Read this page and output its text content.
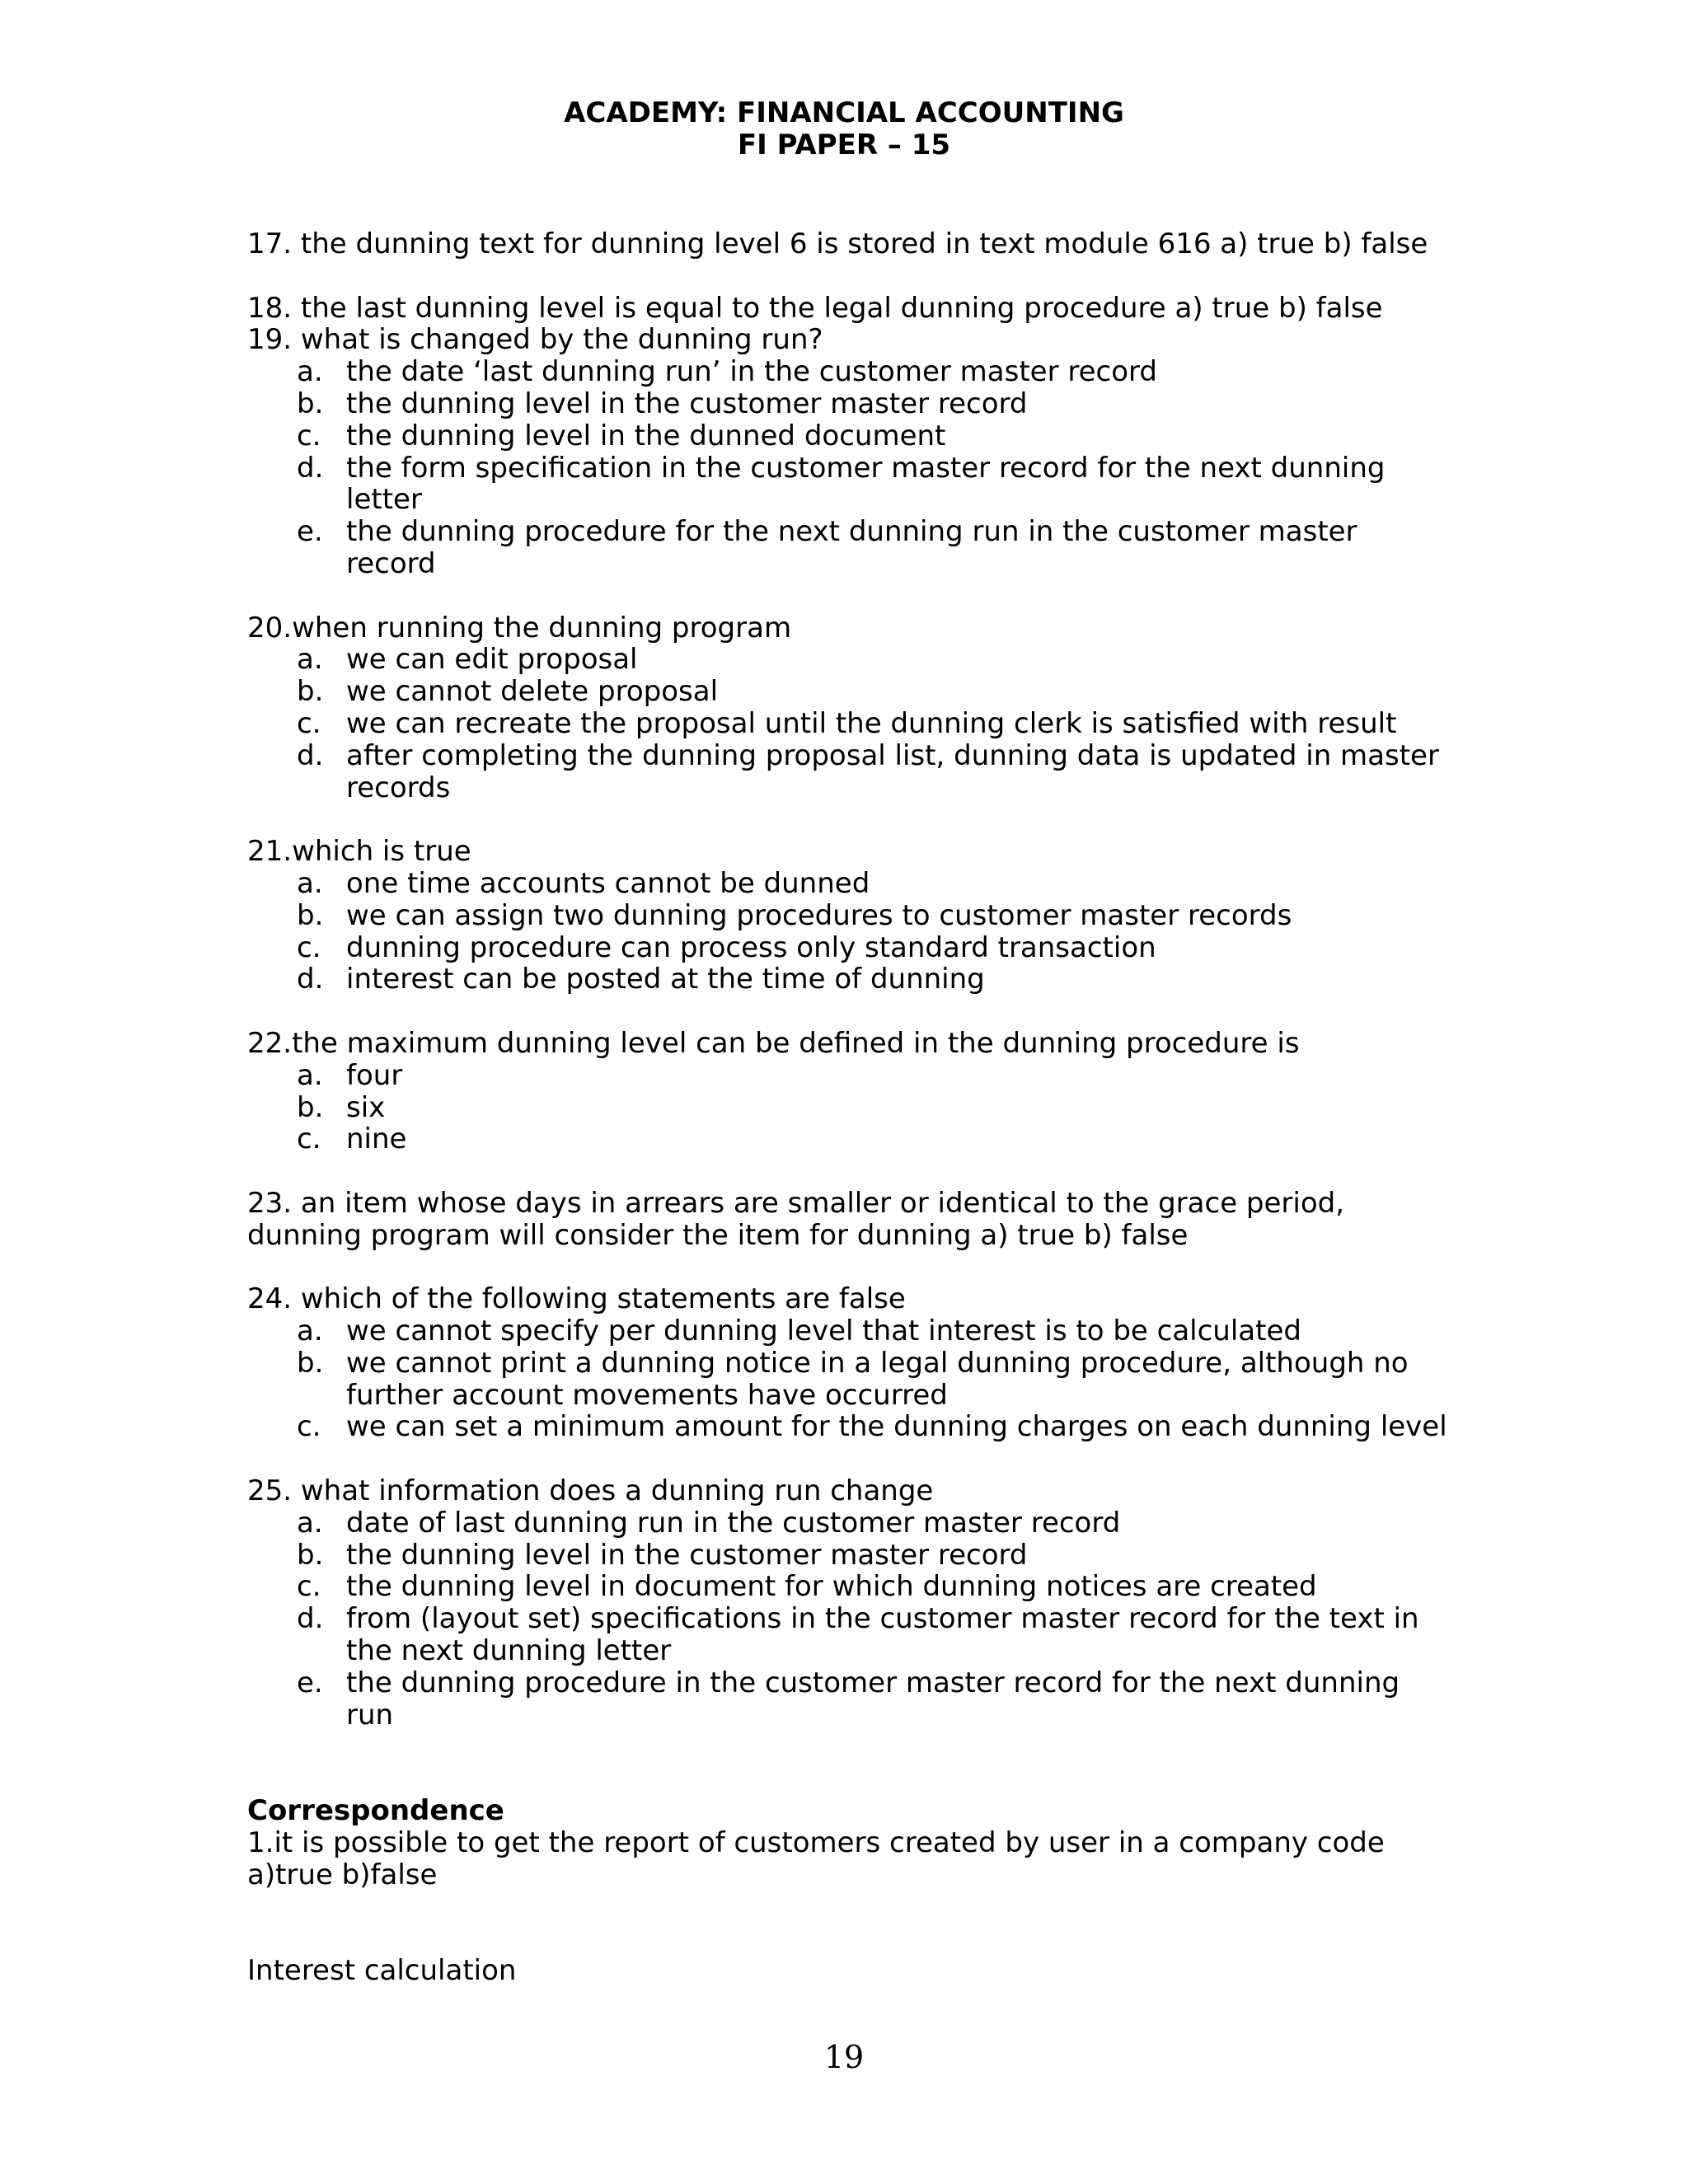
ACADEMY: FINANCIAL ACCOUNTING
FI PAPER – 15

17. the dunning text for dunning level 6 is stored in text module 616 a) true b) false

18. the last dunning level is equal to the legal dunning procedure a) true b) false

19. what is changed by the dunning run?

a. the date ‘last dunning run’ in the customer master record
b. the dunning level in the customer master record
c. the dunning level in the dunned document
d. the form specification in the customer master record for the next dunning letter
e. the dunning procedure for the next dunning run in the customer master record

20.when running the dunning program

a. we can edit proposal
b. we cannot delete proposal
c. we can recreate the proposal until the dunning clerk is satisfied with result
d. after completing the dunning proposal list, dunning data is updated in master records

21.which is true

a. one time accounts cannot be dunned
b. we can assign two dunning procedures to customer master records
c. dunning procedure can process only standard transaction
d. interest can be posted at the time of dunning

22.the maximum dunning level can be defined in the dunning procedure is

a. four
b. six
c. nine

23. an item whose days in arrears are smaller or identical to the grace period,

dunning program will consider the item for dunning a) true b) false

24. which of the following statements are false

a. we cannot specify per dunning level that interest is to be calculated
b. we cannot print a dunning notice in a legal dunning procedure, although no further account movements have occurred
c. we can set a minimum amount for the dunning charges on each dunning level

25. what information does a dunning run change

a. date of last dunning run in the customer master record
b. the dunning level in the customer master record
c. the dunning level in document for which dunning notices are created
d. from (layout set) specifications in the customer master record for the text in the next dunning letter
e. the dunning procedure in the customer master record for the next dunning run

Correspondence

1.it is possible to get the report of customers created by user in a company code

a)true b)false

Interest calculation

19
